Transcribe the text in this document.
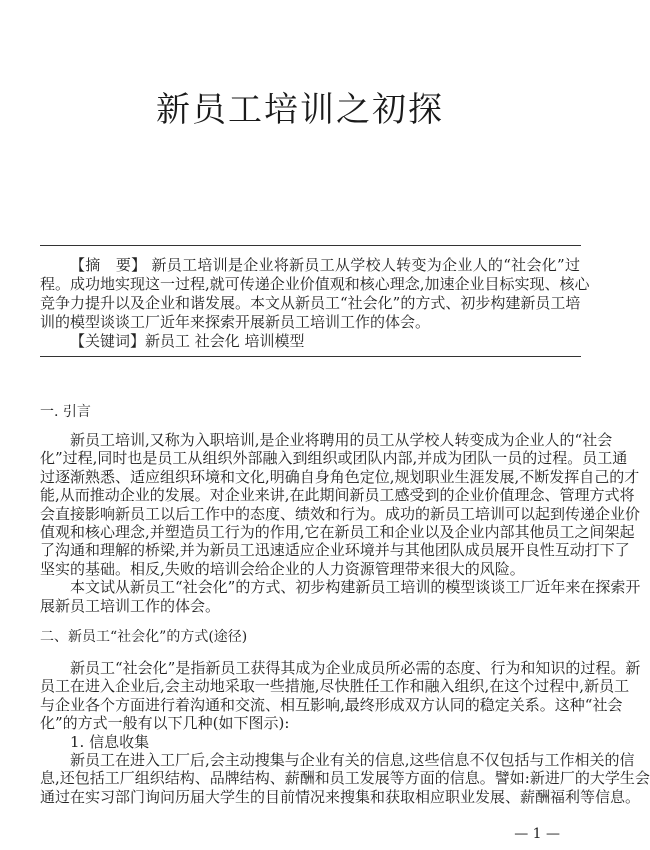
新员工培训之初探
【摘　要】 新员工培训是企业将新员工从学校人转变为企业人的“社会化”过
程。成功地实现这一过程,就可传递企业价值观和核心理念,加速企业目标实现、核心
竞争力提升以及企业和谐发展。本文从新员工“社会化”的方式、初步构建新员工培
训的模型谈谈工厂近年来探索开展新员工培训工作的体会。
【关键词】新员工 社会化 培训模型
一. 引言
新员工培训,又称为入职培训,是企业将聘用的员工从学校人转变成为企业人的“社会
化”过程,同时也是员工从组织外部融入到组织或团队内部,并成为团队一员的过程。员工通
过逐渐熟悉、适应组织环境和文化,明确自身角色定位,规划职业生涯发展,不断发挥自己的才
能,从而推动企业的发展。对企业来讲,在此期间新员工感受到的企业价值理念、管理方式将
会直接影响新员工以后工作中的态度、绩效和行为。成功的新员工培训可以起到传递企业价
值观和核心理念,并塑造员工行为的作用,它在新员工和企业以及企业内部其他员工之间架起
了沟通和理解的桥梁,并为新员工迅速适应企业环境并与其他团队成员展开良性互动打下了
坚实的基础。相反,失败的培训会给企业的人力资源管理带来很大的风险。
本文试从新员工“社会化”的方式、初步构建新员工培训的模型谈谈工厂近年来在探索开
展新员工培训工作的体会。
二、新员工“社会化”的方式(途径)
新员工“社会化”是指新员工获得其成为企业成员所必需的态度、行为和知识的过程。新
员工在进入企业后,会主动地采取一些措施,尽快胜任工作和融入组织,在这个过程中,新员工
与企业各个方面进行着沟通和交流、相互影响,最终形成双方认同的稳定关系。这种“社会
化”的方式一般有以下几种(如下图示):
1. 信息收集
新员工在进入工厂后,会主动搜集与企业有关的信息,这些信息不仅包括与工作相关的信
息,还包括工厂组织结构、品牌结构、薪酬和员工发展等方面的信息。譬如:新进厂的大学生会
通过在实习部门询问历届大学生的目前情况来搜集和获取相应职业发展、薪酬福利等信息。
— 1 —
